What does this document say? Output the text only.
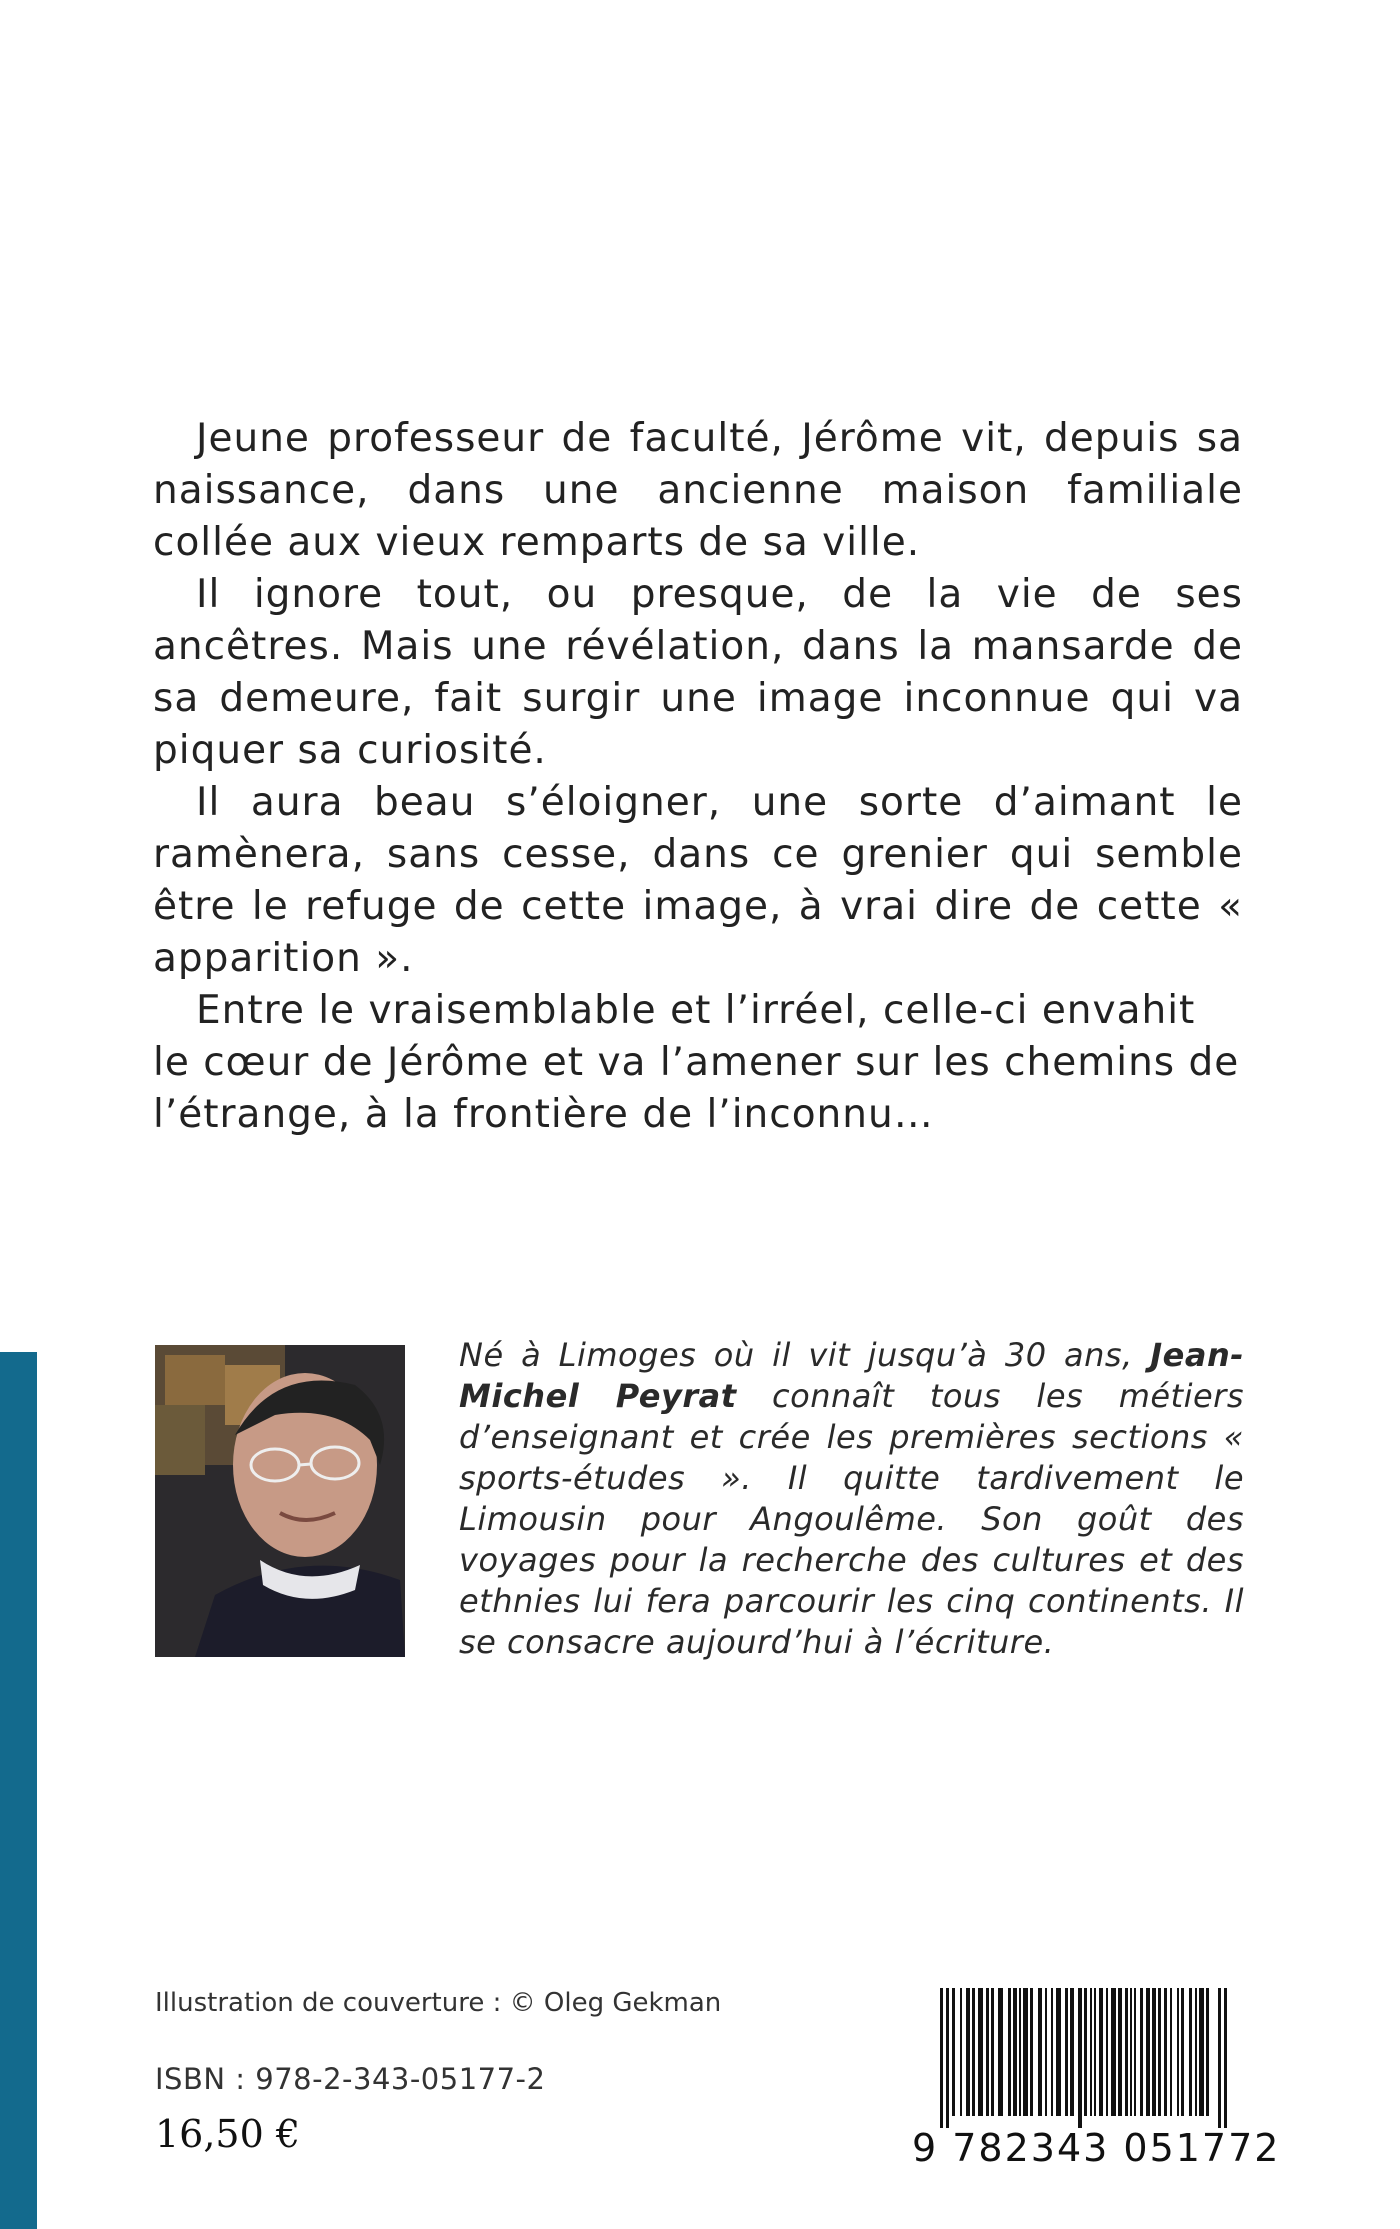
Jeune professeur de faculté, Jérôme vit, depuis sa naissance, dans une ancienne maison familiale collée aux vieux remparts de sa ville.

Il ignore tout, ou presque, de la vie de ses ancêtres. Mais une révélation, dans la mansarde de sa demeure, fait surgir une image inconnue qui va piquer sa curiosité.

Il aura beau s’éloigner, une sorte d’aimant le ramènera, sans cesse, dans ce grenier qui semble être le refuge de cette image, à vrai dire de cette « apparition ».

Entre le vraisemblable et l’irréel, celle-ci envahit le cœur de Jérôme et va l’amener sur les chemins de l’étrange, à la frontière de l’inconnu…

Né à Limoges où il vit jusqu’à 30 ans, Jean-Michel Peyrat connaît tous les métiers d’enseignant et crée les premières sections « sports-études ». Il quitte tardivement le Limousin pour Angoulême. Son goût des voyages pour la recherche des cultures et des ethnies lui fera parcourir les cinq continents. Il se consacre aujourd’hui à l’écriture.
Illustration de couverture : © Oleg Gekman
ISBN : 978-2-343-05177-2
16,50 €	9 782343 051772
